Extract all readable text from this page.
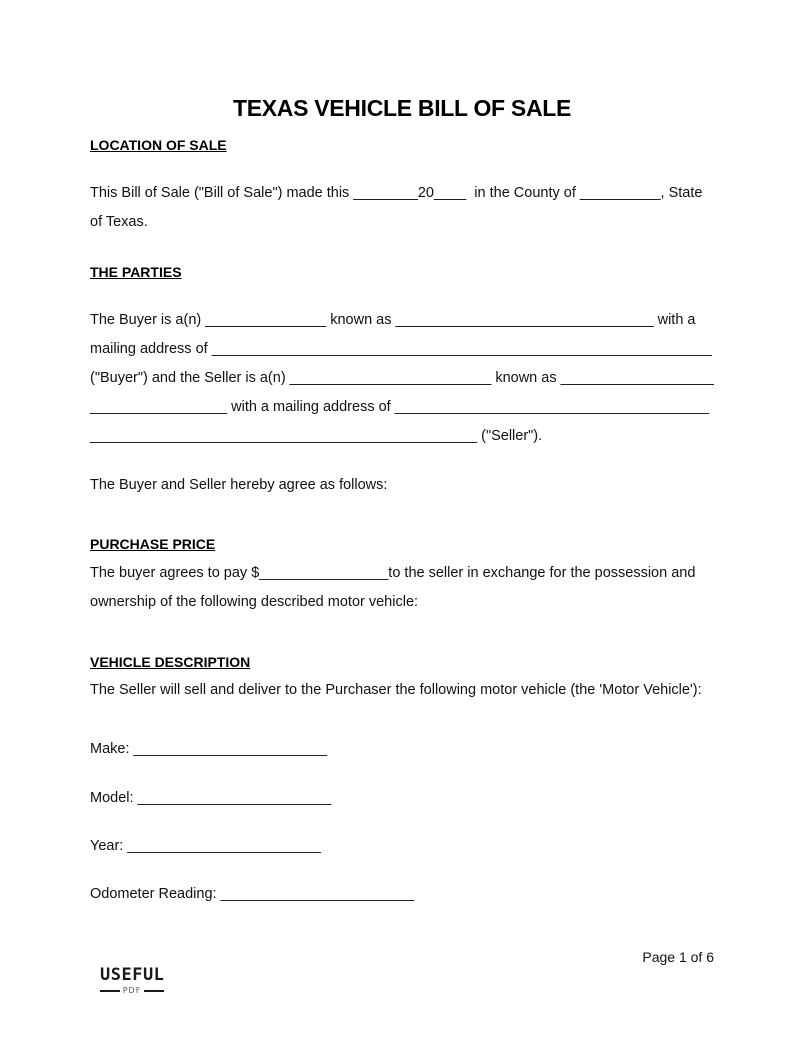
TEXAS VEHICLE BILL OF SALE
LOCATION OF SALE

This Bill of Sale ("Bill of Sale") made this ________20____  in the County of __________, State of Texas.

THE PARTIES
The Buyer is a(n) _______________ known as ________________________________ with a
mailing address of ______________________________________________________________
("Buyer") and the Seller is a(n) _________________________ known as ___________________
_________________ with a mailing address of _______________________________________
________________________________________________ ("Seller").

The Buyer and Seller hereby agree as follows:

PURCHASE PRICE

The buyer agrees to pay $________________to the seller in exchange for the possession and ownership of the following described motor vehicle:

VEHICLE DESCRIPTION

The Seller will sell and deliver to the Purchaser the following motor vehicle (the 'Motor Vehicle'):

Make: ________________________
Model: ________________________
Year: ________________________
Odometer Reading: ________________________
Page 1 of 6
USEFUL
PDF
